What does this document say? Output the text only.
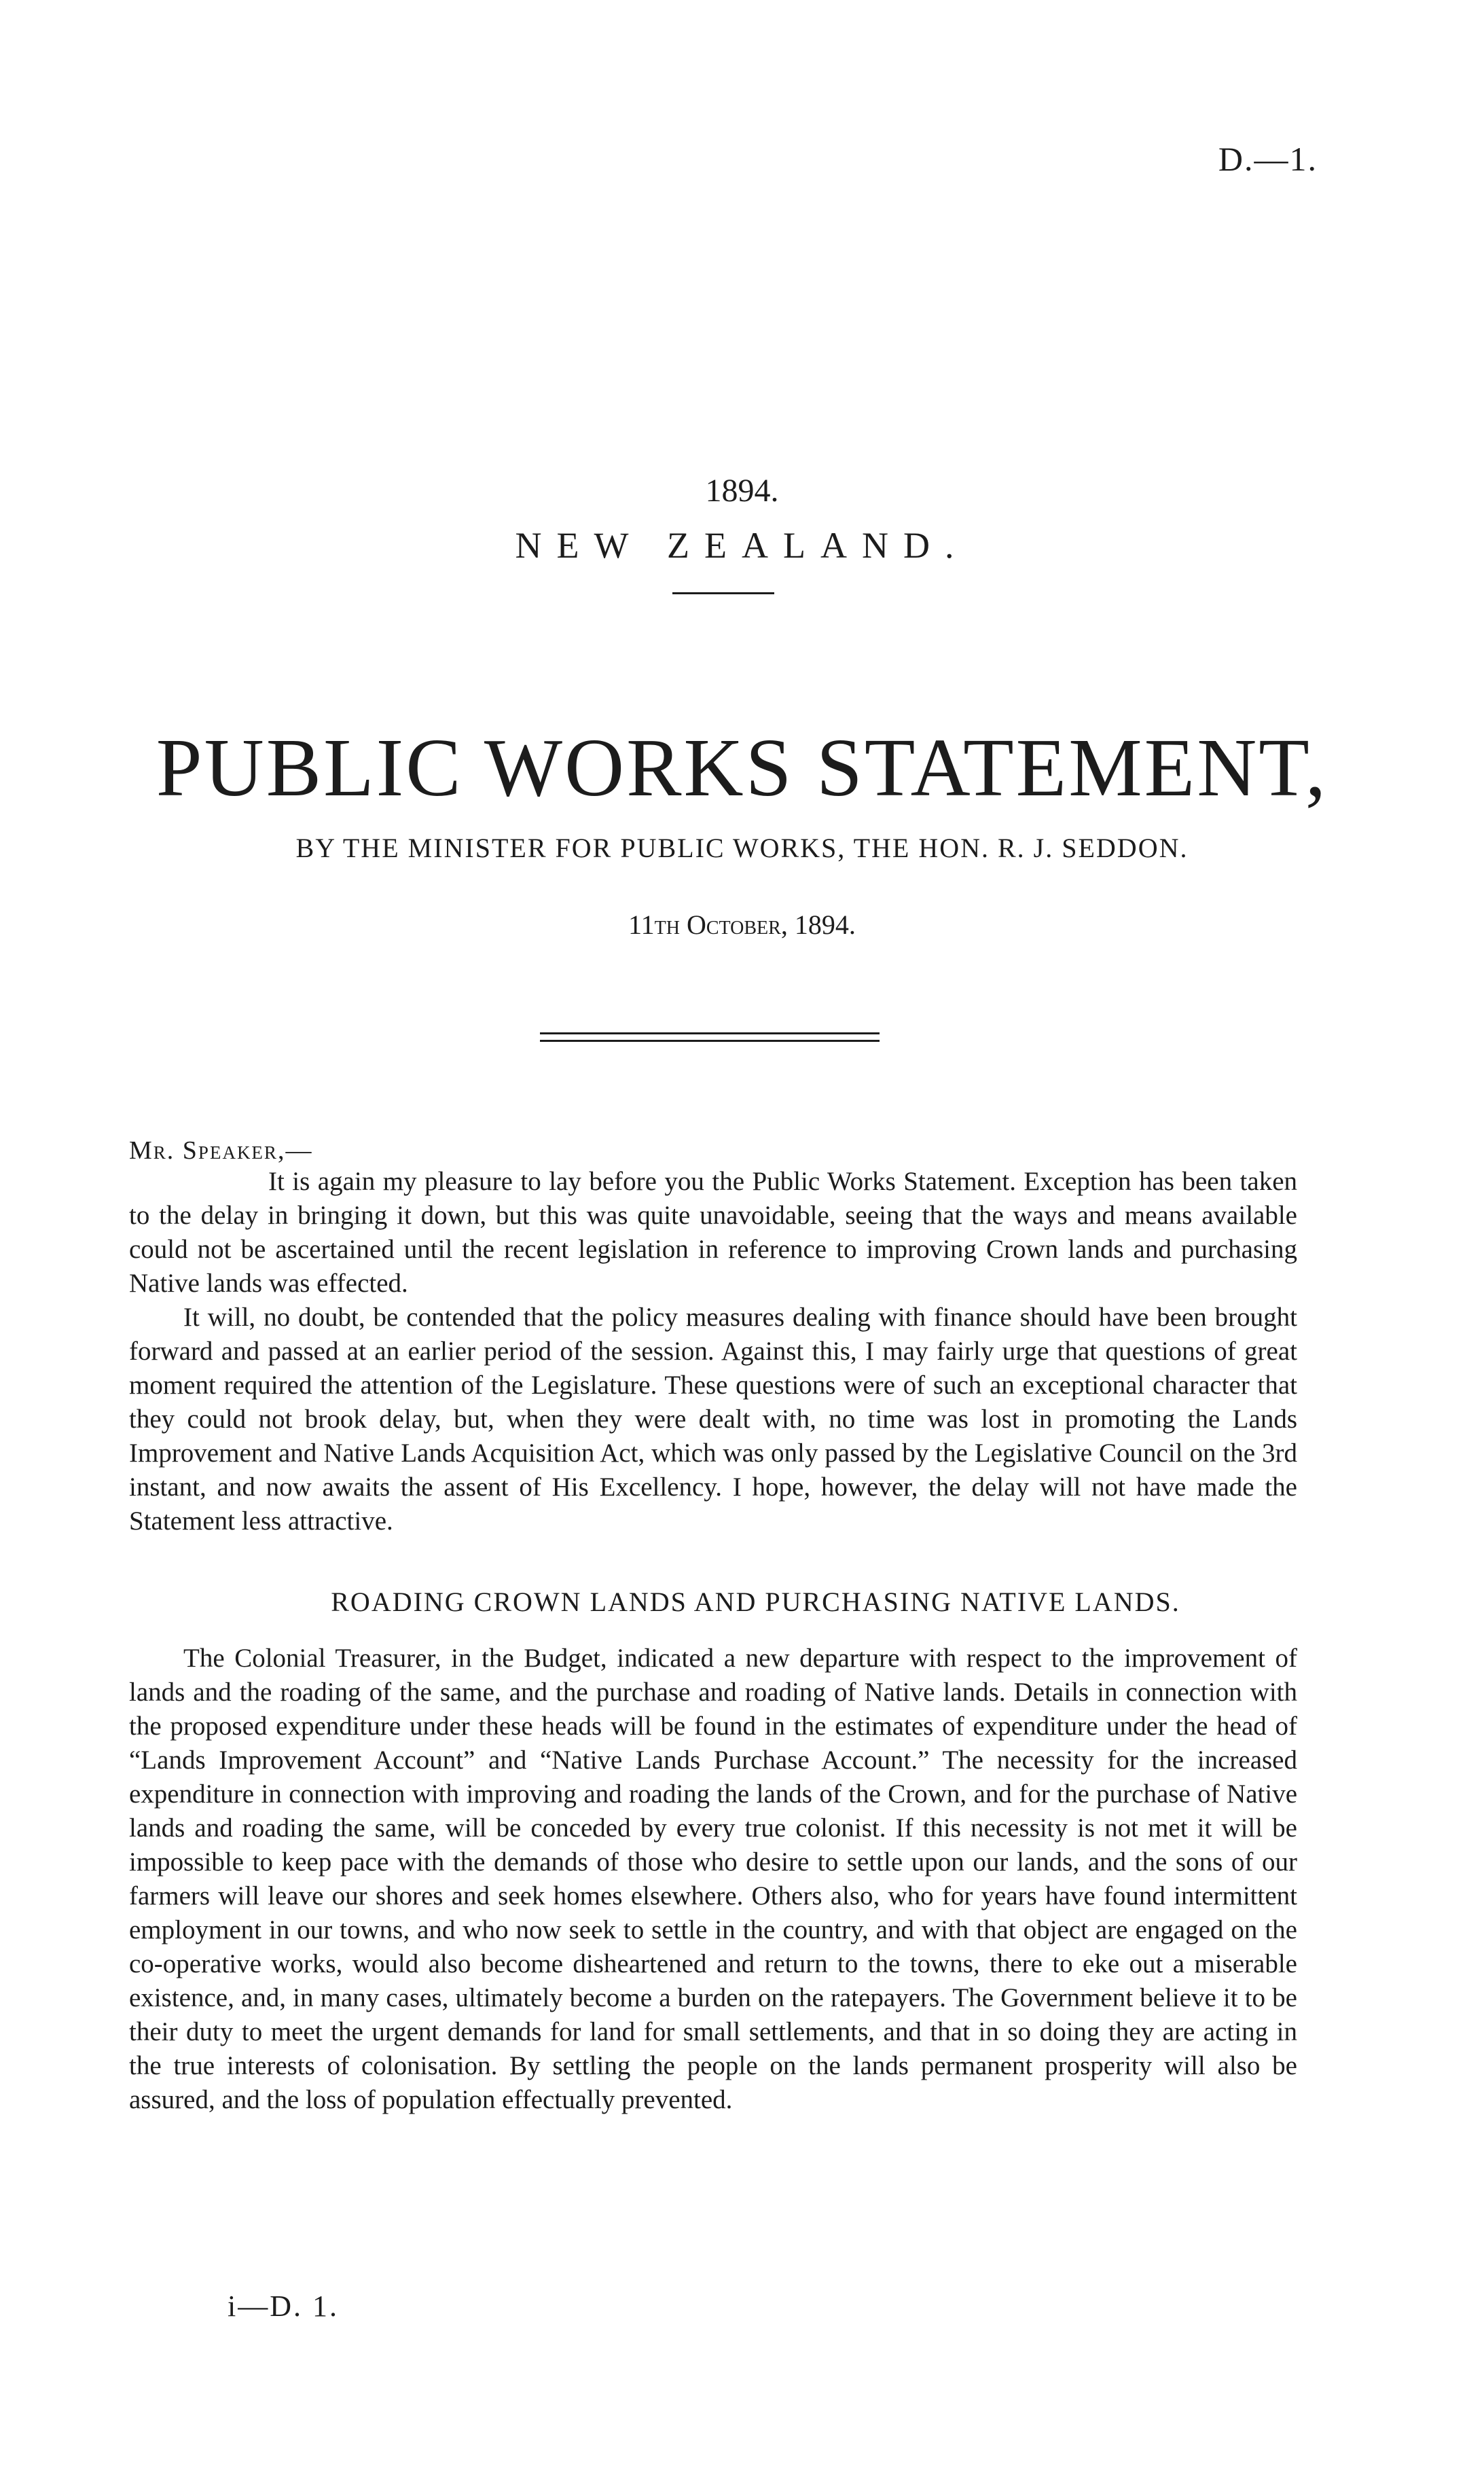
D.—1.
1894.
NEW ZEALAND.
PUBLIC WORKS STATEMENT,
BY THE MINISTER FOR PUBLIC WORKS, THE HON. R. J. SEDDON.
11th October, 1894.
Mr. Speaker,—

It is again my pleasure to lay before you the Public Works Statement. Exception has been taken to the delay in bringing it down, but this was quite unavoidable, seeing that the ways and means available could not be ascertained until the recent legislation in reference to improving Crown lands and purchasing Native lands was effected.

It will, no doubt, be contended that the policy measures dealing with finance should have been brought forward and passed at an earlier period of the session. Against this, I may fairly urge that questions of great moment required the attention of the Legislature. These questions were of such an exceptional character that they could not brook delay, but, when they were dealt with, no time was lost in promoting the Lands Improvement and Native Lands Acquisition Act, which was only passed by the Legislative Council on the 3rd instant, and now awaits the assent of His Excellency. I hope, however, the delay will not have made the Statement less attractive.

ROADING CROWN LANDS AND PURCHASING NATIVE LANDS.

The Colonial Treasurer, in the Budget, indicated a new departure with respect to the improvement of lands and the roading of the same, and the purchase and roading of Native lands. Details in connection with the proposed expenditure under these heads will be found in the estimates of expenditure under the head of “Lands Improvement Account” and “Native Lands Purchase Account.” The necessity for the increased expenditure in connection with improving and roading the lands of the Crown, and for the purchase of Native lands and roading the same, will be conceded by every true colonist. If this necessity is not met it will be impossible to keep pace with the demands of those who desire to settle upon our lands, and the sons of our farmers will leave our shores and seek homes elsewhere. Others also, who for years have found intermittent employment in our towns, and who now seek to settle in the country, and with that object are engaged on the co-operative works, would also become disheartened and return to the towns, there to eke out a miserable existence, and, in many cases, ultimately become a burden on the ratepayers. The Government believe it to be their duty to meet the urgent demands for land for small settlements, and that in so doing they are acting in the true interests of colonisation. By settling the people on the lands permanent prosperity will also be assured, and the loss of population effectually prevented.

i—D. 1.
